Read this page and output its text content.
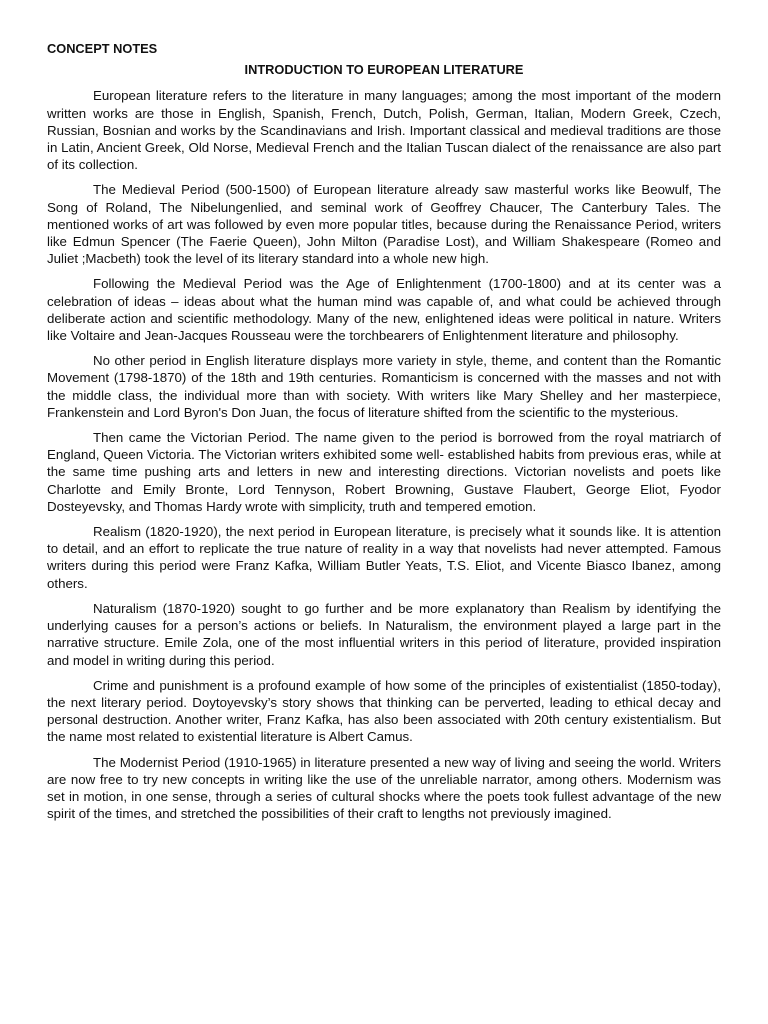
CONCEPT NOTES
INTRODUCTION TO EUROPEAN LITERATURE

European literature refers to the literature in many languages; among the most important of the modern written works are those in English, Spanish, French, Dutch, Polish, German, Italian, Modern Greek, Czech, Russian, Bosnian and works by the Scandinavians and Irish. Important classical and medieval traditions are those in Latin, Ancient Greek, Old Norse, Medieval French and the Italian Tuscan dialect of the renaissance are also part of its collection.

The Medieval Period (500-1500) of European literature already saw masterful works like Beowulf, The Song of Roland, The Nibelungenlied, and seminal work of Geoffrey Chaucer, The Canterbury Tales. The mentioned works of art was followed by even more popular titles, because during the Renaissance Period, writers like Edmun Spencer (The Faerie Queen), John Milton (Paradise Lost), and William Shakespeare (Romeo and Juliet ;Macbeth) took the level of its literary standard into a whole new high.

Following the Medieval Period was the Age of Enlightenment (1700-1800) and at its center was a celebration of ideas – ideas about what the human mind was capable of, and what could be achieved through deliberate action and scientific methodology. Many of the new, enlightened ideas were political in nature. Writers like Voltaire and Jean-Jacques Rousseau were the torchbearers of Enlightenment literature and philosophy.

No other period in English literature displays more variety in style, theme, and content than the Romantic Movement (1798-1870) of the 18th and 19th centuries. Romanticism is concerned with the masses and not with the middle class, the individual more than with society. With writers like Mary Shelley and her masterpiece, Frankenstein and Lord Byron's Don Juan, the focus of literature shifted from the scientific to the mysterious.

Then came the Victorian Period. The name given to the period is borrowed from the royal matriarch of England, Queen Victoria. The Victorian writers exhibited some well- established habits from previous eras, while at the same time pushing arts and letters in new and interesting directions. Victorian novelists and poets like Charlotte and Emily Bronte, Lord Tennyson, Robert Browning, Gustave Flaubert, George Eliot, Fyodor Dosteyevsky, and Thomas Hardy wrote with simplicity, truth and tempered emotion.

Realism (1820-1920), the next period in European literature, is precisely what it sounds like. It is attention to detail, and an effort to replicate the true nature of reality in a way that novelists had never attempted. Famous writers during this period were Franz Kafka, William Butler Yeats, T.S. Eliot, and Vicente Biasco Ibanez, among others.

Naturalism (1870-1920) sought to go further and be more explanatory than Realism by identifying the underlying causes for a person’s actions or beliefs. In Naturalism, the environment played a large part in the narrative structure. Emile Zola, one of the most influential writers in this period of literature, provided inspiration and model in writing during this period.

Crime and punishment is a profound example of how some of the principles of existentialist (1850-today), the next literary period. Doytoyevsky’s story shows that thinking can be perverted, leading to ethical decay and personal destruction. Another writer, Franz Kafka, has also been associated with 20th century existentialism. But the name most related to existential literature is Albert Camus.

The Modernist Period (1910-1965) in literature presented a new way of living and seeing the world. Writers are now free to try new concepts in writing like the use of the unreliable narrator, among others. Modernism was set in motion, in one sense, through a series of cultural shocks where the poets took fullest advantage of the new spirit of the times, and stretched the possibilities of their craft to lengths not previously imagined.
